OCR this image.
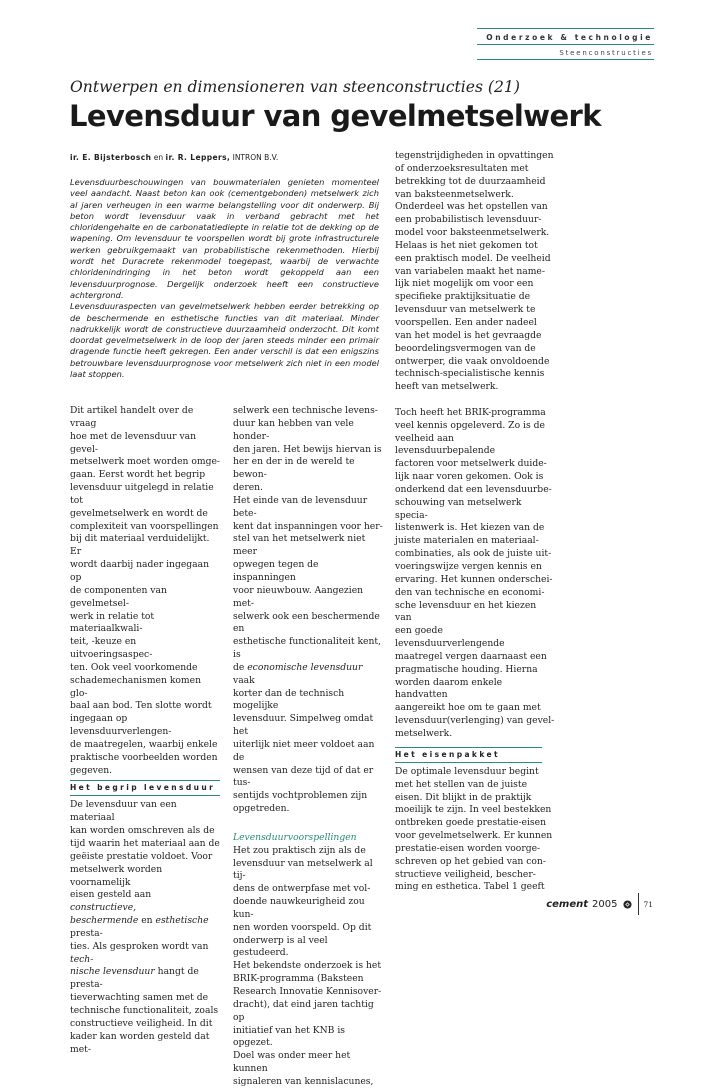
Onderzoek & technologie
Steenconstructies
Ontwerpen en dimensioneren van steenconstructies (21)
Levensduur van gevelmetselwerk
ir. E. Bijsterbosch en ir. R. Leppers, INTRON B.V.

Levensduurbeschouwingen van bouwmaterialen genieten momenteel veel aandacht. Naast beton kan ook (cementgebonden) metselwerk zich al jaren verheugen in een warme belangstelling voor dit onderwerp. Bij beton wordt levensduur vaak in verband gebracht met het chloridengehalte en de carbonatatiediepte in relatie tot de dekking op de wapening. Om levensduur te voorspellen wordt bij grote infrastructurele werken gebruikgemaakt van probabilistische rekenmethoden. Hierbij wordt het Duracrete rekenmodel toegepast, waarbij de verwachte chloridenindringing in het beton wordt gekoppeld aan een levensduurprognose. Dergelijk onderzoek heeft een constructieve achtergrond.

Levensduuraspecten van gevelmetselwerk hebben eerder betrekking op de beschermende en esthetische functies van dit materiaal. Minder nadrukkelijk wordt de constructieve duurzaamheid onderzocht. Dit komt doordat gevelmetselwerk in de loop der jaren steeds minder een primair dragende functie heeft gekregen. Een ander verschil is dat een enigszins betrouwbare levensduurprognose voor metselwerk zich niet in een model laat stoppen.

Dit artikel handelt over de vraag
hoe met de levensduur van gevel-
metselwerk moet worden omge-
gaan. Eerst wordt het begrip
levensduur uitgelegd in relatie tot
gevelmetselwerk en wordt de
complexiteit van voorspellingen
bij dit materiaal verduidelijkt. Er
wordt daarbij nader ingegaan op
de componenten van gevelmetsel-
werk in relatie tot materiaalkwali-
teit, -keuze en uitvoeringsaspec-
ten. Ook veel voorkomende
schademechanismen komen glo-
baal aan bod. Ten slotte wordt
ingegaan op levensduurverlengen-
de maatregelen, waarbij enkele
praktische voorbeelden worden
gegeven.

Het begrip levensduur

De levensduur van een materiaal
kan worden omschreven als de
tijd waarin het materiaal aan de
geëiste prestatie voldoet. Voor
metselwerk worden voornamelijk
eisen gesteld aan constructieve,
beschermende en esthetische presta-
ties. Als gesproken wordt van tech-
nische levensduur hangt de presta-
tieverwachting samen met de
technische functionaliteit, zoals
constructieve veiligheid. In dit
kader kan worden gesteld dat met-

selwerk een technische levens-
duur kan hebben van vele honder-
den jaren. Het bewijs hiervan is
her en der in de wereld te bewon-
deren.

Het einde van de levensduur bete-
kent dat inspanningen voor her-
stel van het metselwerk niet meer
opwegen tegen de inspanningen
voor nieuwbouw. Aangezien met-
selwerk ook een beschermende en
esthetische functionaliteit kent, is
de economische levensduur vaak
korter dan de technisch mogelijke
levensduur. Simpelweg omdat het
uiterlijk niet meer voldoet aan de
wensen van deze tijd of dat er tus-
sentijds vochtproblemen zijn
opgetreden.

Levensduurvoorspellingen

Het zou praktisch zijn als de
levensduur van metselwerk al tij-
dens de ontwerpfase met vol-
doende nauwkeurigheid zou kun-
nen worden voorspeld. Op dit
onderwerp is al veel gestudeerd.
Het bekendste onderzoek is het
BRIK-programma (Baksteen
Research Innovatie Kennisover-
dracht), dat eind jaren tachtig op
initiatief van het KNB is opgezet.
Doel was onder meer het kunnen
signaleren van kennislacunes,

tegenstrijdigheden in opvattingen
of onderzoeksresultaten met
betrekking tot de duurzaamheid
van baksteenmetselwerk.
Onderdeel was het opstellen van
een probabilistisch levensduur-
model voor baksteenmetselwerk.
Helaas is het niet gekomen tot
een praktisch model. De veelheid
van variabelen maakt het name-
lijk niet mogelijk om voor een
specifieke praktijksituatie de
levensduur van metselwerk te
voorspellen. Een ander nadeel
van het model is het gevraagde
beoordelingsvermogen van de
ontwerper, die vaak onvoldoende
technisch-specialistische kennis
heeft van metselwerk.

Toch heeft het BRIK-programma
veel kennis opgeleverd. Zo is de
veelheid aan levensduurbepalende
factoren voor metselwerk duide-
lijk naar voren gekomen. Ook is
onderkend dat een levensduurbe-
schouwing van metselwerk specia-
listenwerk is. Het kiezen van de
juiste materialen en materiaal-
combinaties, als ook de juiste uit-
voeringswijze vergen kennis en
ervaring. Het kunnen onderschei-
den van technische en economi-
sche levensduur en het kiezen van
een goede levensduurverlengende
maatregel vergen daarnaast een
pragmatische houding. Hierna
worden daarom enkele handvatten
aangereikt hoe om te gaan met
levensduur(verlenging) van gevel-
metselwerk.

Het eisenpakket

De optimale levensduur begint
met het stellen van de juiste
eisen. Dit blijkt in de praktijk
moeilijk te zijn. In veel bestekken
ontbreken goede prestatie-eisen
voor gevelmetselwerk. Er kunnen
prestatie-eisen worden voorge-
schreven op het gebied van con-
structieve veiligheid, bescher-
ming en esthetica. Tabel 1 geeft

cement 2005	71
